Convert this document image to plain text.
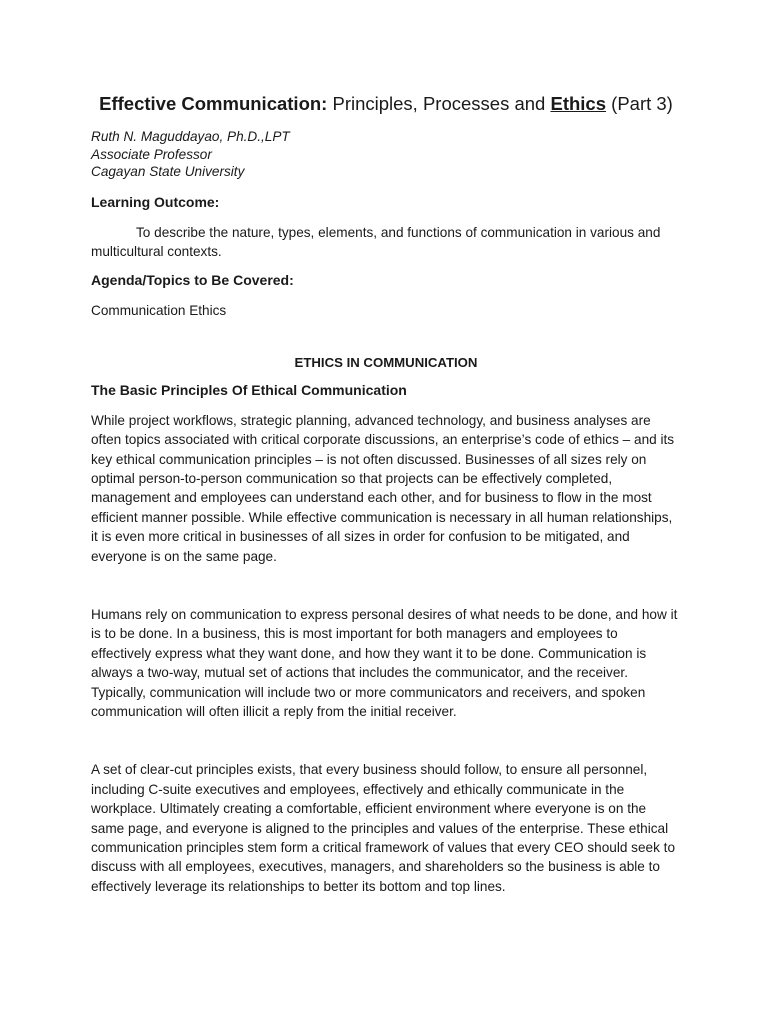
Effective Communication: Principles, Processes and Ethics (Part 3)
Ruth N. Maguddayao, Ph.D.,LPT
Associate Professor
Cagayan State University
Learning Outcome:

To describe the nature, types, elements, and functions of communication in various and multicultural contexts.

Agenda/Topics to Be Covered:

Communication Ethics

ETHICS IN COMMUNICATION
The Basic Principles Of Ethical Communication

While project workflows, strategic planning, advanced technology, and business analyses are often topics associated with critical corporate discussions, an enterprise’s code of ethics – and its key ethical communication principles – is not often discussed. Businesses of all sizes rely on optimal person-to-person communication so that projects can be effectively completed, management and employees can understand each other, and for business to flow in the most efficient manner possible. While effective communication is necessary in all human relationships, it is even more critical in businesses of all sizes in order for confusion to be mitigated, and everyone is on the same page.

Humans rely on communication to express personal desires of what needs to be done, and how it is to be done. In a business, this is most important for both managers and employees to effectively express what they want done, and how they want it to be done. Communication is always a two-way, mutual set of actions that includes the communicator, and the receiver. Typically, communication will include two or more communicators and receivers, and spoken communication will often illicit a reply from the initial receiver.

A set of clear-cut principles exists, that every business should follow, to ensure all personnel, including C-suite executives and employees, effectively and ethically communicate in the workplace. Ultimately creating a comfortable, efficient environment where everyone is on the same page, and everyone is aligned to the principles and values of the enterprise. These ethical communication principles stem form a critical framework of values that every CEO should seek to discuss with all employees, executives, managers, and shareholders so the business is able to effectively leverage its relationships to better its bottom and top lines.
